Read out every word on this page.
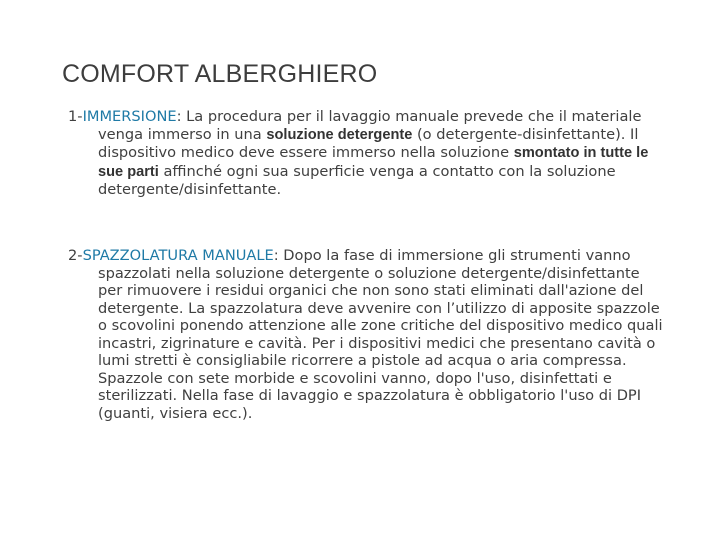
COMFORT ALBERGHIERO
1-IMMERSIONE: La procedura per il lavaggio manuale prevede che il materiale venga immerso in una soluzione detergente (o detergente-disinfettante). Il dispositivo medico deve essere immerso nella soluzione smontato in tutte le sue parti affinché ogni sua superficie venga a contatto con la soluzione detergente/disinfettante.
2-SPAZZOLATURA MANUALE: Dopo la fase di immersione gli strumenti vanno spazzolati nella soluzione detergente o soluzione detergente/disinfettante per rimuovere i residui organici che non sono stati eliminati dall'azione del detergente. La spazzolatura deve avvenire con l’utilizzo di apposite spazzole o scovolini ponendo attenzione alle zone critiche del dispositivo medico quali incastri, zigrinature e cavità. Per i dispositivi medici che presentano cavità o lumi stretti è consigliabile ricorrere a pistole ad acqua o aria compressa. Spazzole con sete morbide e scovolini vanno, dopo l'uso, disinfettati e sterilizzati. Nella fase di lavaggio e spazzolatura è obbligatorio l'uso di DPI (guanti, visiera ecc.).
